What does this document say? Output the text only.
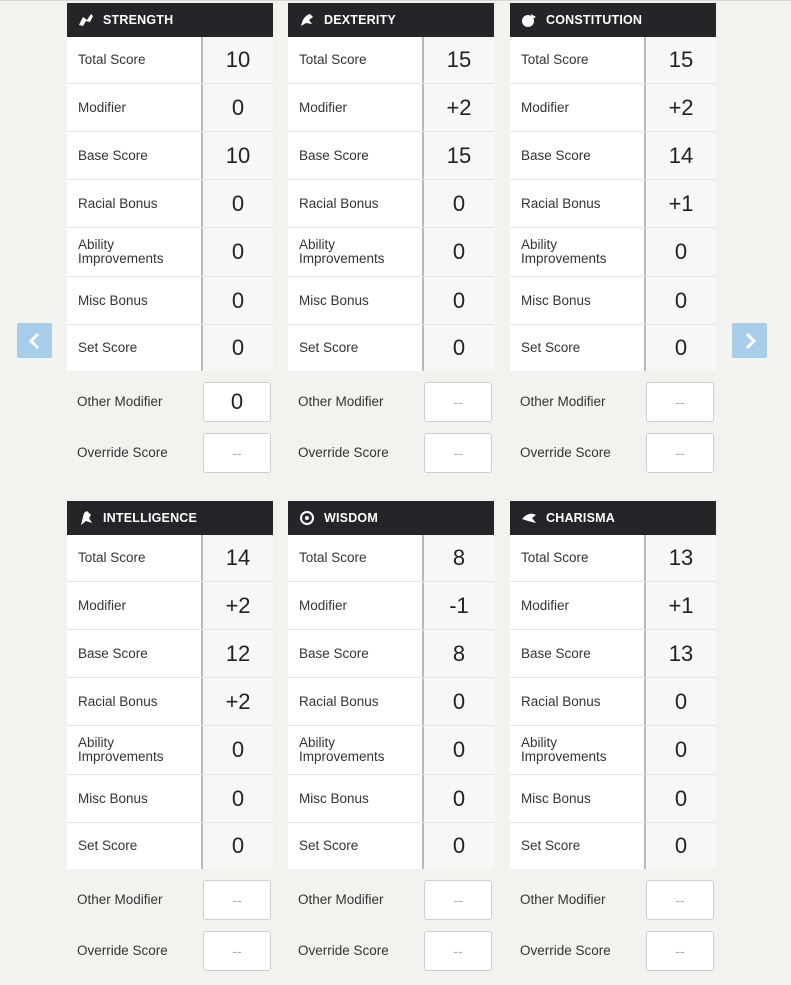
STRENGTH
Total Score	10
Modifier	0
Base Score	10
Racial Bonus	0
Ability
Improvements	0
Misc Bonus	0
Set Score	0
Other Modifier	0
Override Score	--
DEXTERITY
Total Score	15
Modifier	+2
Base Score	15
Racial Bonus	0
Ability
Improvements	0
Misc Bonus	0
Set Score	0
Other Modifier	--
Override Score	--
CONSTITUTION
Total Score	15
Modifier	+2
Base Score	14
Racial Bonus	+1
Ability
Improvements	0
Misc Bonus	0
Set Score	0
Other Modifier	--
Override Score	--
INTELLIGENCE
Total Score	14
Modifier	+2
Base Score	12
Racial Bonus	+2
Ability
Improvements	0
Misc Bonus	0
Set Score	0
Other Modifier	--
Override Score	--
WISDOM
Total Score	8
Modifier	-1
Base Score	8
Racial Bonus	0
Ability
Improvements	0
Misc Bonus	0
Set Score	0
Other Modifier	--
Override Score	--
CHARISMA
Total Score	13
Modifier	+1
Base Score	13
Racial Bonus	0
Ability
Improvements	0
Misc Bonus	0
Set Score	0
Other Modifier	--
Override Score	--
